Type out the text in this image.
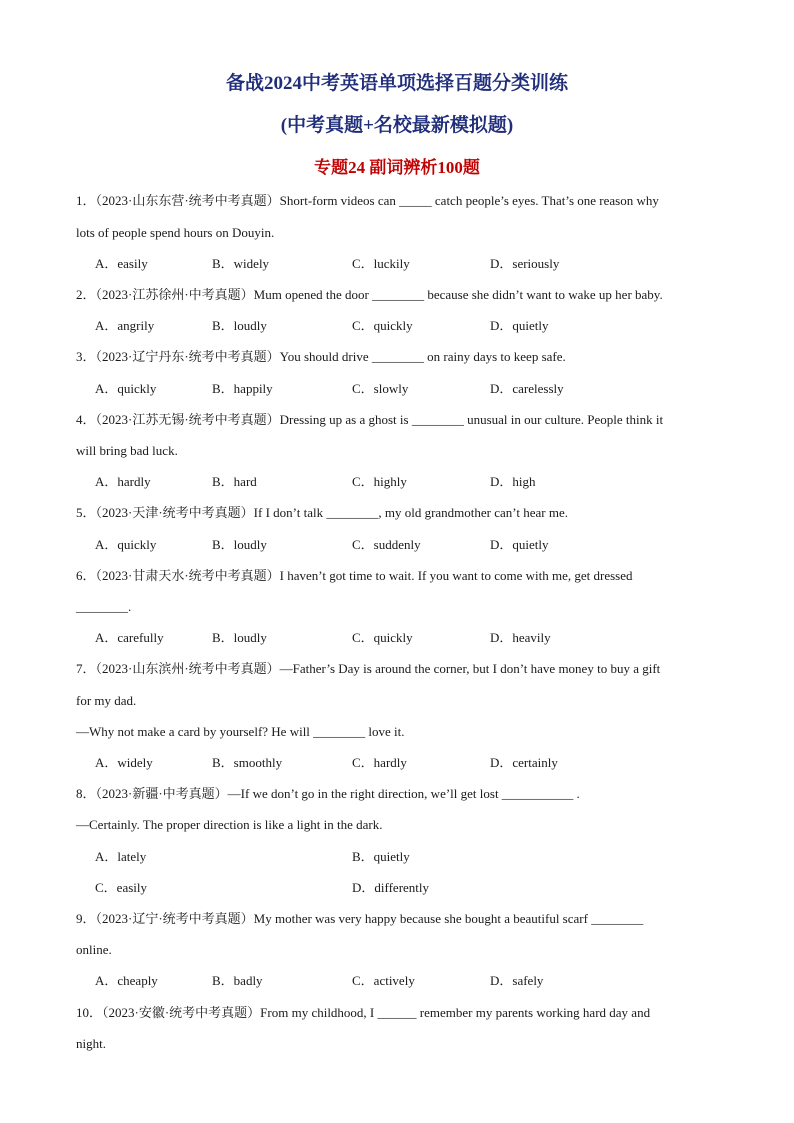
备战2024中考英语单项选择百题分类训练
(中考真题+名校最新模拟题)
专题24 副词辨析100题
1．（2023·山东东营·统考中考真题）Short-form videos can _____ catch people’s eyes. That’s one reason why
lots of people spend hours on Douyin.
A．easily	B．widely	C．luckily	D．seriously
2．（2023·江苏徐州·中考真题）Mum opened the door ________ because she didn’t want to wake up her baby.
A．angrily	B．loudly	C．quickly	D．quietly
3．（2023·辽宁丹东·统考中考真题）You should drive ________ on rainy days to keep safe.
A．quickly	B．happily	C．slowly	D．carelessly
4．（2023·江苏无锡·统考中考真题）Dressing up as a ghost is ________ unusual in our culture. People think it
will bring bad luck.
A．hardly	B．hard	C．highly	D．high
5．（2023·天津·统考中考真题）If I don’t talk ________, my old grandmother can’t hear me.
A．quickly	B．loudly	C．suddenly	D．quietly
6．（2023·甘肃天水·统考中考真题）I haven’t got time to wait. If you want to come with me, get dressed
________.
A．carefully	B．loudly	C．quickly	D．heavily
7．（2023·山东滨州·统考中考真题）—Father’s Day is around the corner, but I don’t have money to buy a gift
for my dad.
—Why not make a card by yourself? He will ________ love it.
A．widely	B．smoothly	C．hardly	D．certainly
8．（2023·新疆·中考真题）—If we don’t go in the right direction, we’ll get lost ___________ .
—Certainly. The proper direction is like a light in the dark.
A．lately	B．quietly
C．easily	D．differently
9．（2023·辽宁·统考中考真题）My mother was very happy because she bought a beautiful scarf ________
online.
A．cheaply	B．badly	C．actively	D．safely
10．（2023·安徽·统考中考真题）From my childhood, I ______ remember my parents working hard day and
night.
